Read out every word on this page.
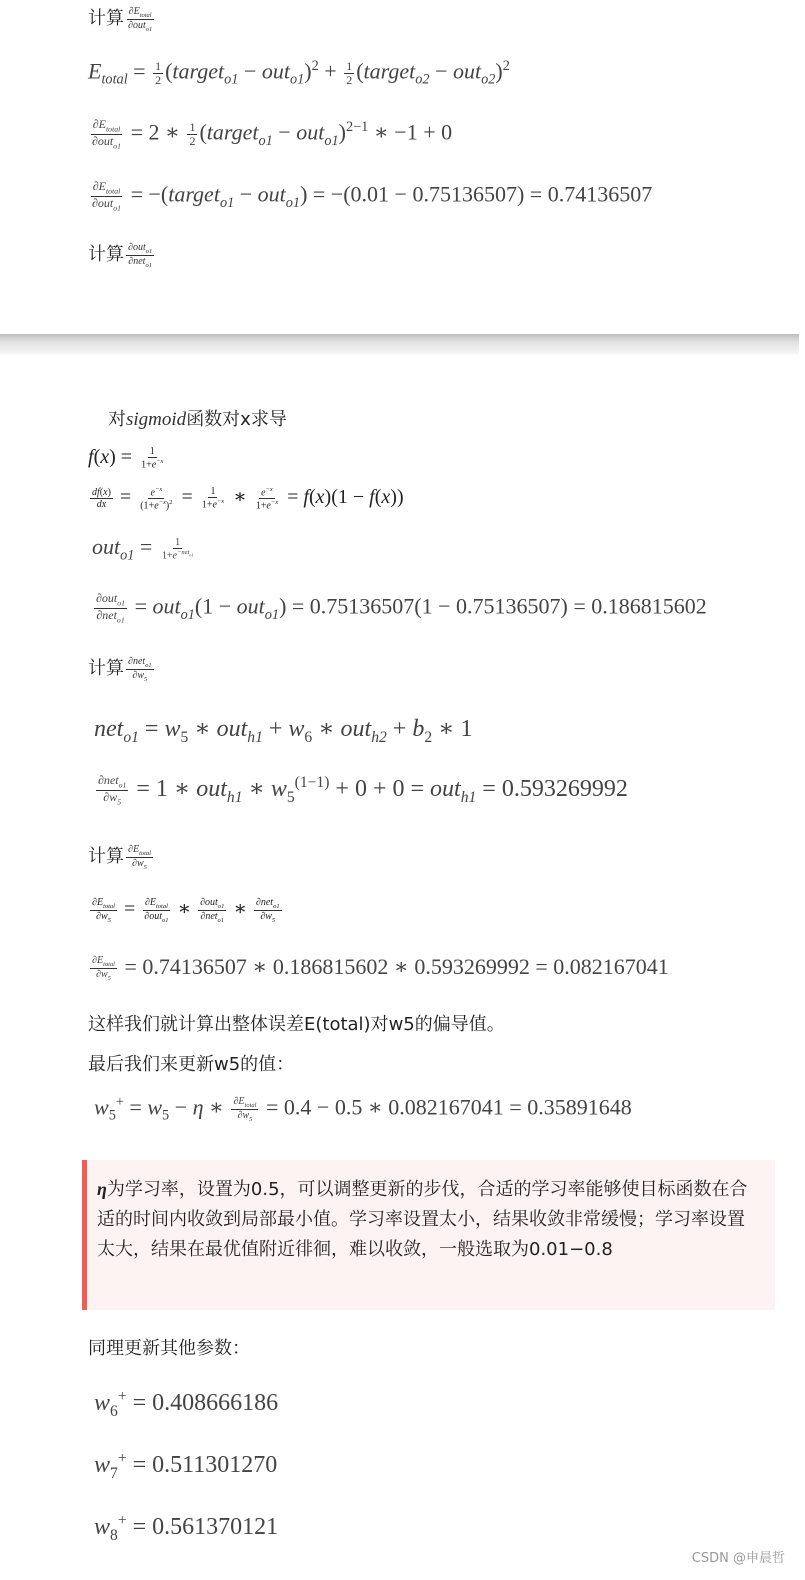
计算 $\frac{\partial E_{total}}{\partial out_{o1}}$
$E_{total} = \frac{1}{2}$ (target$_{o1}$ − $out_{o1})^2 + \frac{1}{2}$ (target$_{o2}$ − out$_{o2}$)$^2$
$\frac{\partial E_{total}}{\partial out_{o1}} = 2$ ∗ $\frac{1}{2}$ (target$_{o1}$ − out$_{o1}$)$^{2-1}$ ∗ −1 + 0
$\frac{\partial E_{total}}{\partial out_{o1}}$ = −(target$_{o1}$ − out$_{o1}$) = −(0.01 − 0.75136507) = 0.74136507
计算 $\frac{\partial out_{o1}}{\partial net_{o1}}$
对sigmoid函数对x求导
$f(x) = \frac{1}{1+e^{-x}}$
$\frac{df(x)}{dx} = \frac{e^{-x}}{(1+e^{-x})^2} = \frac{1}{1+e^{-x}}$ ∗ $\frac{e^{-x}}{1+e^{-x}} = f(x)(1 - f(x))$
$out_{o1} = \frac{1}{1+e^{-net_{o1}}}$
$\frac{\partial out_{o1}}{\partial net_{o1}} = out_{o1}(1 - out_{o1}) = 0.75136507(1 - 0.75136507) = 0.186815602$
计算 $\frac{\partial net_{o1}}{\partial w_5}$
$net_{o1} = w_5$ ∗ $out_{h1} + w_6$ ∗ $out_{h2} + b_2$ ∗ 1
$\frac{\partial net_{o1}}{\partial w_5} = 1$ ∗ out$_{h1}$ ∗ $w_5^{(1-1)} + 0 + 0 = out_{h1} = 0.593269992$
计算 $\frac{\partial E_{total}}{\partial w_5}$
$\frac{\partial E_{total}}{\partial w_5} = \frac{\partial E_{total}}{\partial out_{o1}}$ ∗ $\frac{\partial out_{o1}}{\partial net_{o1}}$ ∗ $\frac{\partial net_{o1}}{\partial w_5}$
$\frac{\partial E_{total}}{\partial w_5} = 0.74136507$ ∗ 0.186815602 ∗ 0.593269992 = 0.082167041
这样我们就计算出整体误差E(total)对w5的偏导值。
最后我们来更新w5的值：
$w_5^+ = w_5 - \eta$ ∗ $\frac{\partial E_{total}}{\partial w_5} = 0.4 - 0.5$ ∗ 0.082167041 = 0.35891648
η为学习率，设置为0.5，可以调整更新的步伐，合适的学习率能够使目标函数在合适的时间内收敛到局部最小值。学习率设置太小，结果收敛非常缓慢；学习率设置太大，结果在最优值附近徘徊，难以收敛，一般选取为0.01−0.8
同理更新其他参数：
$w_6^+ = 0.408666186$
$w_7^+ = 0.511301270$
$w_8^+ = 0.561370121$
CSDN @申晨哲
